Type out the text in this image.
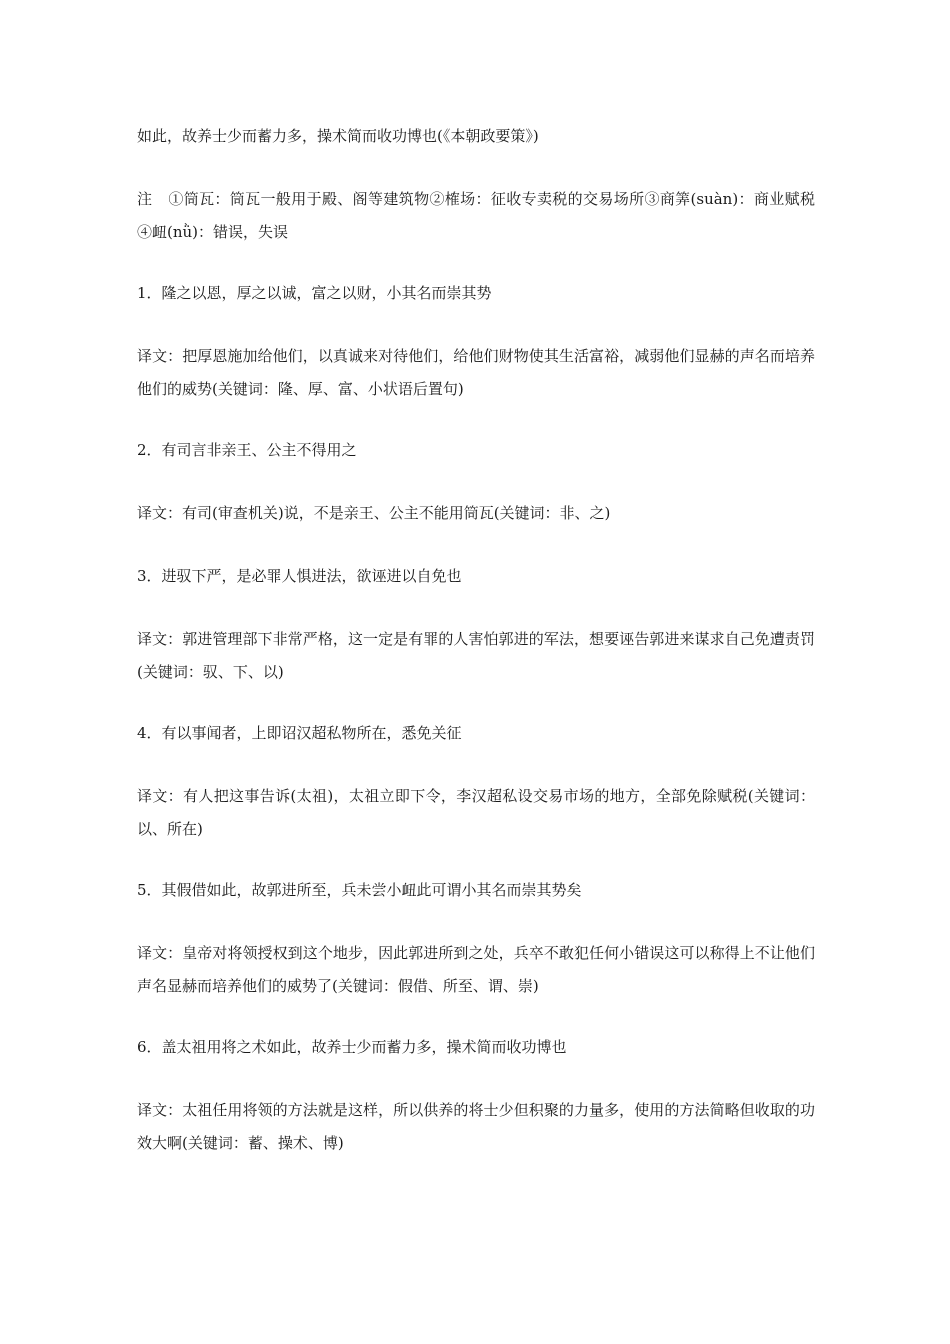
如此，故养士少而蓄力多，操术简而收功博也(《本朝政要策》)

注 ①筒瓦：筒瓦一般用于殿、阁等建筑物②榷场：征收专卖税的交易场所③商筭(suàn)：商业赋税④衄(nǜ)：错误，失误

1．隆之以恩，厚之以诚，富之以财，小其名而崇其势

译文：把厚恩施加给他们，以真诚来对待他们，给他们财物使其生活富裕，减弱他们显赫的声名而培养他们的威势(关键词：隆、厚、富、小状语后置句)

2．有司言非亲王、公主不得用之

译文：有司(审查机关)说，不是亲王、公主不能用筒瓦(关键词：非、之)

3．进驭下严，是必罪人惧进法，欲诬进以自免也

译文：郭进管理部下非常严格，这一定是有罪的人害怕郭进的军法，想要诬告郭进来谋求自己免遭责罚(关键词：驭、下、以)

4．有以事闻者，上即诏汉超私物所在，悉免关征

译文：有人把这事告诉(太祖)，太祖立即下令，李汉超私设交易市场的地方，全部免除赋税(关键词：以、所在)

5．其假借如此，故郭进所至，兵未尝小衄此可谓小其名而崇其势矣

译文：皇帝对将领授权到这个地步，因此郭进所到之处，兵卒不敢犯任何小错误这可以称得上不让他们声名显赫而培养他们的威势了(关键词：假借、所至、谓、崇)

6．盖太祖用将之术如此，故养士少而蓄力多，操术简而收功博也

译文：太祖任用将领的方法就是这样，所以供养的将士少但积聚的力量多，使用的方法简略但收取的功效大啊(关键词：蓄、操术、博)
